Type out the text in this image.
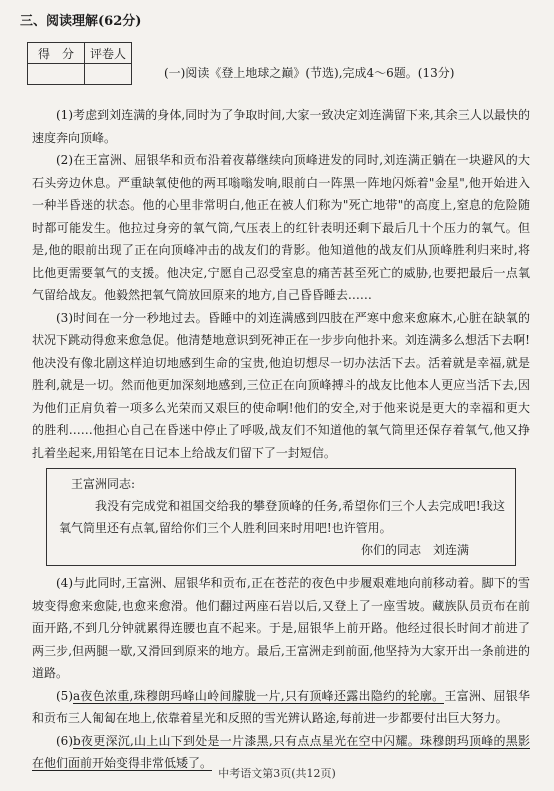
三、阅读理解(62分)
得　分	评卷人

(一)阅读《登上地球之巅》(节选),完成4～6题。(13分)

(1)考虑到刘连满的身体,同时为了争取时间,大家一致决定刘连满留下来,其余三人以最快的速度奔向顶峰。

(2)在王富洲、屈银华和贡布沿着夜幕继续向顶峰进发的同时,刘连满正躺在一块避风的大石头旁边休息。严重缺氧使他的两耳嗡嗡发响,眼前白一阵黑一阵地闪烁着"金星",他开始进入一种半昏迷的状态。他的心里非常明白,他正在被人们称为"死亡地带"的高度上,窒息的危险随时都可能发生。他拉过身旁的氧气筒,气压表上的红针表明还剩下最后几十个压力的氧气。但是,他的眼前出现了正在向顶峰冲击的战友们的背影。他知道他的战友们从顶峰胜利归来时,将比他更需要氧气的支援。他决定,宁愿自己忍受室息的痛苦甚至死亡的威胁,也要把最后一点氧气留给战友。他毅然把氧气筒放回原来的地方,自己昏昏睡去……

(3)时间在一分一秒地过去。昏睡中的刘连满感到四肢在严寒中愈来愈麻木,心脏在缺氧的状况下跳动得愈来愈急促。他清楚地意识到死神正在一步步向他扑来。刘连满多么想活下去啊!他决没有像北剧这样迫切地感到生命的宝贵,他迫切想尽一切办法活下去。活着就是幸福,就是胜利,就是一切。然而他更加深刻地感到,三位正在向顶峰搏斗的战友比他本人更应当活下去,因为他们正肩负着一项多么光荣而又艰巨的使命啊!他们的安全,对于他来说是更大的幸福和更大的胜利……他担心自己在昏迷中停止了呼吸,战友们不知道他的氧气筒里还保存着氧气,他又挣扎着坐起来,用铅笔在日记本上给战友们留下了一封短信。

王富洲同志:
我没有完成党和祖国交给我的攀登顶峰的任务,希望你们三个人去完成吧!我这氧气筒里还有点氧,留给你们三个人胜利回来时用吧!也许管用。
你们的同志　刘连满

(4)与此同时,王富洲、屈银华和贡布,正在苍茫的夜色中步履艰难地向前移动着。脚下的雪坡变得愈来愈陡,也愈来愈滑。他们翻过两座石岩以后,又登上了一座雪坡。藏族队员贡布在前面开路,不到几分钟就累得连腰也直不起来。于是,屈银华上前开路。他经过很长时间才前进了两三步,但两腿一歇,又滑回到原来的地方。最后,王富洲走到前面,他坚持为大家开出一条前进的道路。

(5)a夜色浓重,珠穆朗玛峰山岭间朦胧一片,只有顶峰还露出隐约的轮廓。王富洲、屈银华和贡布三人匍匐在地上,依靠着星光和反照的雪光辨认路途,每前进一步都要付出巨大努力。

(6)b夜更深沉,山上山下到处是一片漆黑,只有点点星光在空中闪耀。珠穆朗玛顶峰的黑影在他们面前开始变得非常低矮了。

中考语文第3页(共12页)
